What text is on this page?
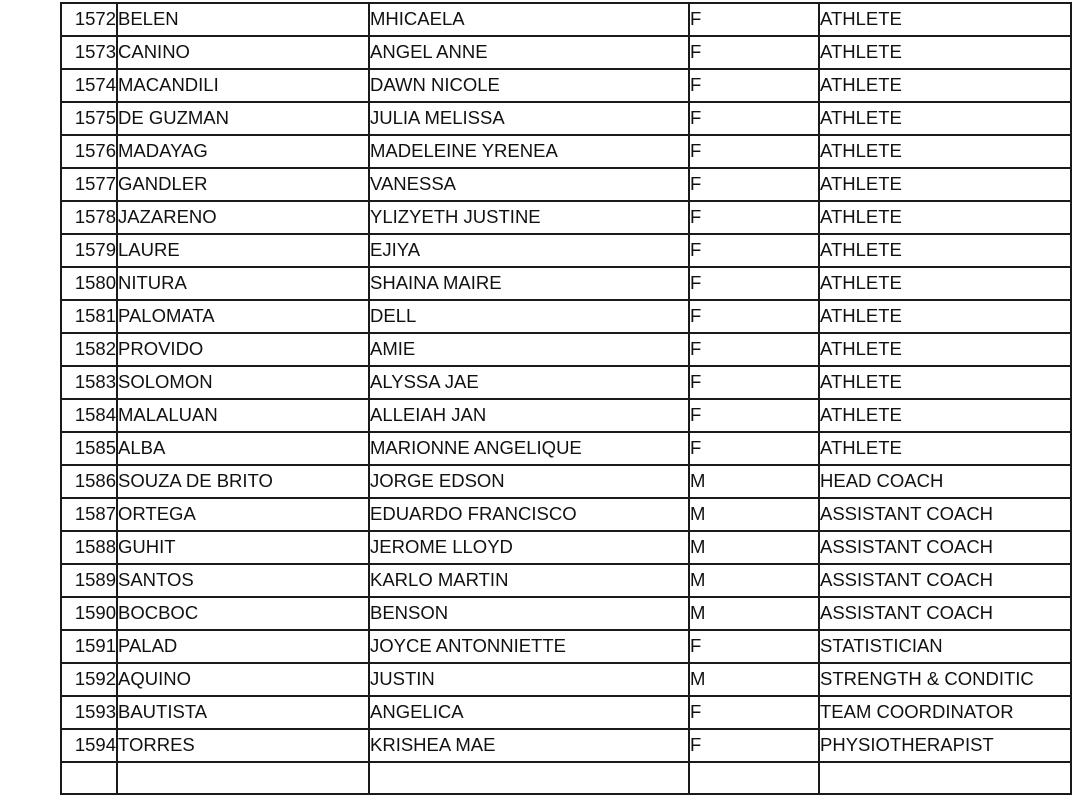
1572	BELEN	MHICAELA	F	ATHLETE
1573	CANINO	ANGEL ANNE	F	ATHLETE
1574	MACANDILI	DAWN NICOLE	F	ATHLETE
1575	DE GUZMAN	JULIA MELISSA	F	ATHLETE
1576	MADAYAG	MADELEINE YRENEA	F	ATHLETE
1577	GANDLER	VANESSA	F	ATHLETE
1578	JAZARENO	YLIZYETH JUSTINE	F	ATHLETE
1579	LAURE	EJIYA	F	ATHLETE
1580	NITURA	SHAINA MAIRE	F	ATHLETE
1581	PALOMATA	DELL	F	ATHLETE
1582	PROVIDO	AMIE	F	ATHLETE
1583	SOLOMON	ALYSSA JAE	F	ATHLETE
1584	MALALUAN	ALLEIAH JAN	F	ATHLETE
1585	ALBA	MARIONNE ANGELIQUE	F	ATHLETE
1586	SOUZA DE BRITO	JORGE EDSON	M	HEAD COACH
1587	ORTEGA	EDUARDO FRANCISCO	M	ASSISTANT COACH
1588	GUHIT	JEROME LLOYD	M	ASSISTANT COACH
1589	SANTOS	KARLO MARTIN	M	ASSISTANT COACH
1590	BOCBOC	BENSON	M	ASSISTANT COACH
1591	PALAD	JOYCE ANTONNIETTE	F	STATISTICIAN
1592	AQUINO	JUSTIN	M	STRENGTH & CONDITIC
1593	BAUTISTA	ANGELICA	F	TEAM COORDINATOR
1594	TORRES	KRISHEA MAE	F	PHYSIOTHERAPIST
